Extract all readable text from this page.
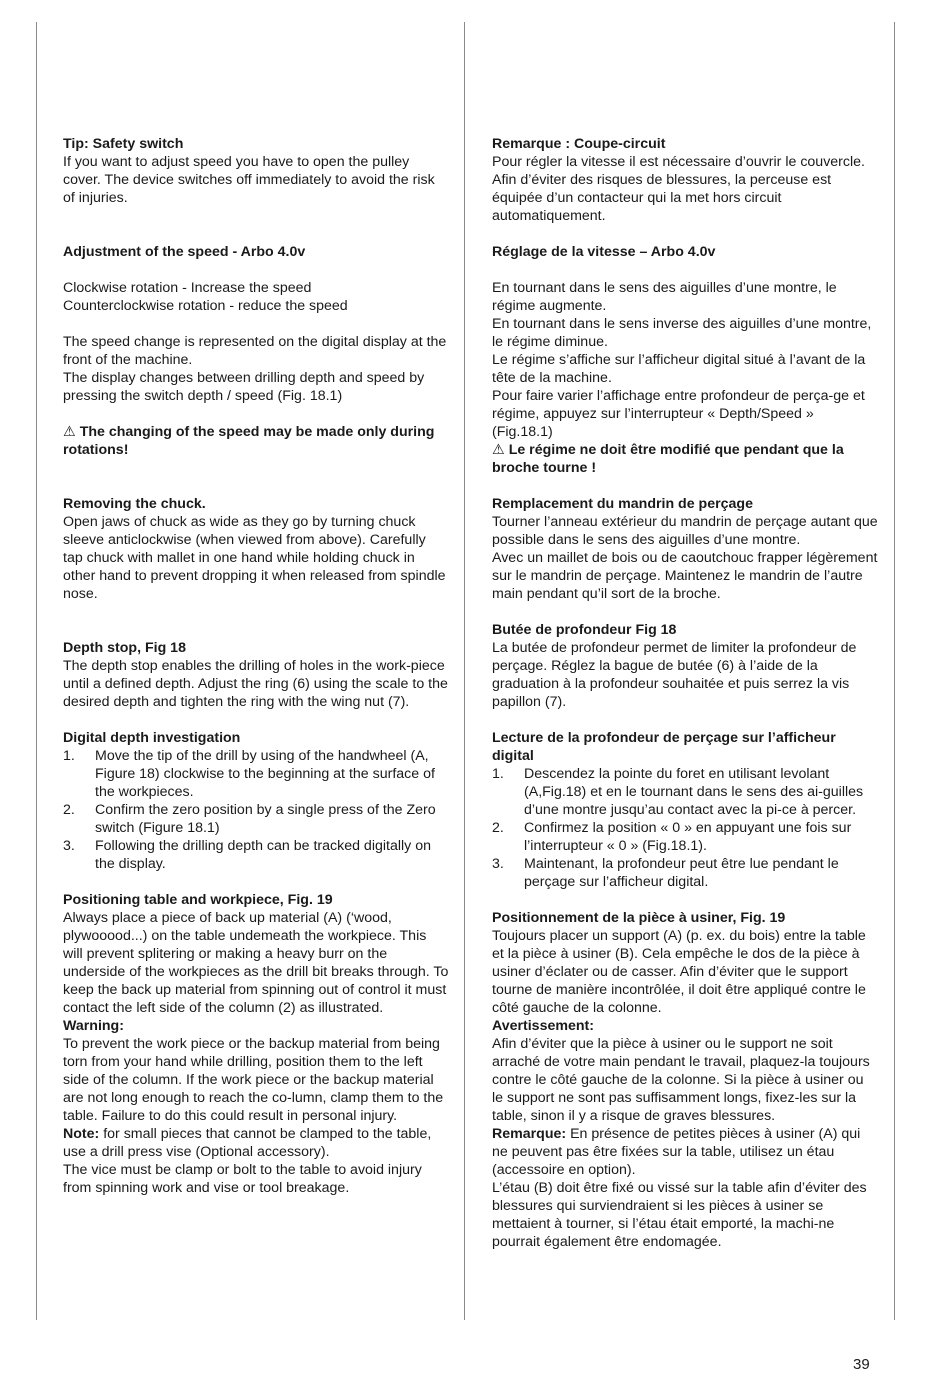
Tip: Safety switch

If you want to adjust speed you have to open the pulley cover. The device switches off immediately to avoid the risk of injuries.

Adjustment of the speed - Arbo 4.0v

Clockwise rotation - Increase the speed

Counterclockwise rotation - reduce the speed

The speed change is represented on the digital display at the front of the machine.

The display changes between drilling depth and speed by pressing the switch depth / speed (Fig. 18.1)

⚠ The changing of the speed may be made only during rotations!

Removing the chuck.

Open jaws of chuck as wide as they go by turning chuck sleeve anticlockwise (when viewed from above). Carefully tap chuck with mallet in one hand while holding chuck in other hand to prevent dropping it when released from spindle nose.

Depth stop, Fig 18

The depth stop enables the drilling of holes in the work-piece until a defined depth. Adjust the ring (6) using the scale to the desired depth and tighten the ring with the wing nut (7).

Digital depth investigation

1. Move the tip of the drill by using of the handwheel (A, Figure 18) clockwise to the beginning at the surface of the workpieces.
2. Confirm the zero position by a single press of the Zero switch (Figure 18.1)
3. Following the drilling depth can be tracked digitally on the display.

Positioning table and workpiece, Fig. 19

Always place a piece of back up material (A) (‘wood, plywooood...) on the table undemeath the workpiece. This will prevent splitering or making a heavy burr on the underside of the workpieces as the drill bit breaks through. To keep the back up material from spinning out of control it must contact the left side of the column (2) as illustrated.

Warning:

To prevent the work piece or the backup material from being torn from your hand while drilling, position them to the left side of the column. If the work piece or the backup material are not long enough to reach the co-lumn, clamp them to the table. Failure to do this could result in personal injury.

Note: for small pieces that cannot be clamped to the table, use a drill press vise (Optional accessory).

The vice must be clamp or bolt to the table to avoid injury from spinning work and vise or tool breakage.

Remarque : Coupe-circuit

Pour régler la vitesse il est nécessaire d’ouvrir le couvercle. Afin d’éviter des risques de blessures, la perceuse est équipée d’un contacteur qui la met hors circuit automatiquement.

Réglage de la vitesse – Arbo 4.0v

En tournant dans le sens des aiguilles d’une montre, le régime augmente.

En tournant dans le sens inverse des aiguilles d’une montre, le régime diminue.

Le régime s’affiche sur l’afficheur digital situé à l’avant de la tête de la machine.

Pour faire varier l’affichage entre profondeur de perça-ge et régime, appuyez sur l’interrupteur « Depth/Speed » (Fig.18.1)

⚠ Le régime ne doit être modifié que pendant que la broche tourne !

Remplacement du mandrin de perçage

Tourner l’anneau extérieur du mandrin de perçage autant que possible dans le sens des aiguilles d’une montre.

Avec un maillet de bois ou de caoutchouc frapper légèrement sur le mandrin de perçage. Maintenez le mandrin de l’autre main pendant qu’il sort de la broche.

Butée de profondeur Fig 18

La butée de profondeur permet de limiter la profondeur de perçage. Réglez la bague de butée (6) à l’aide de la graduation à la profondeur souhaitée et puis serrez la vis papillon (7).

Lecture de la profondeur de perçage sur l’afficheur digital

1. Descendez la pointe du foret en utilisant levolant (A,Fig.18) et en le tournant dans le sens des ai-guilles d’une montre jusqu’au contact avec la pi-ce à percer.
2. Confirmez la position « 0 » en appuyant une fois sur l’interrupteur « 0 » (Fig.18.1).
3. Maintenant, la profondeur peut être lue pendant le perçage sur l’afficheur digital.

Positionnement de la pièce à usiner, Fig. 19

Toujours placer un support (A) (p. ex. du bois) entre la table et la pièce à usiner (B). Cela empêche le dos de la pièce à usiner d’éclater ou de casser. Afin d’éviter que le support tourne de manière incontrôlée, il doit être appliqué contre le côté gauche de la colonne.

Avertissement:

Afin d’éviter que la pièce à usiner ou le support ne soit arraché de votre main pendant le travail, plaquez-la toujours contre le côté gauche de la colonne. Si la pièce à usiner ou le support ne sont pas suffisamment longs, fixez-les sur la table, sinon il y a risque de graves blessures.

Remarque: En présence de petites pièces à usiner (A) qui ne peuvent pas être fixées sur la table, utilisez un étau (accessoire en option).

L’étau (B) doit être fixé ou vissé sur la table afin d’éviter des blessures qui surviendraient si les pièces à usiner se mettaient à tourner, si l’étau était emporté, la machi-ne pourrait également être endomagée.

39
